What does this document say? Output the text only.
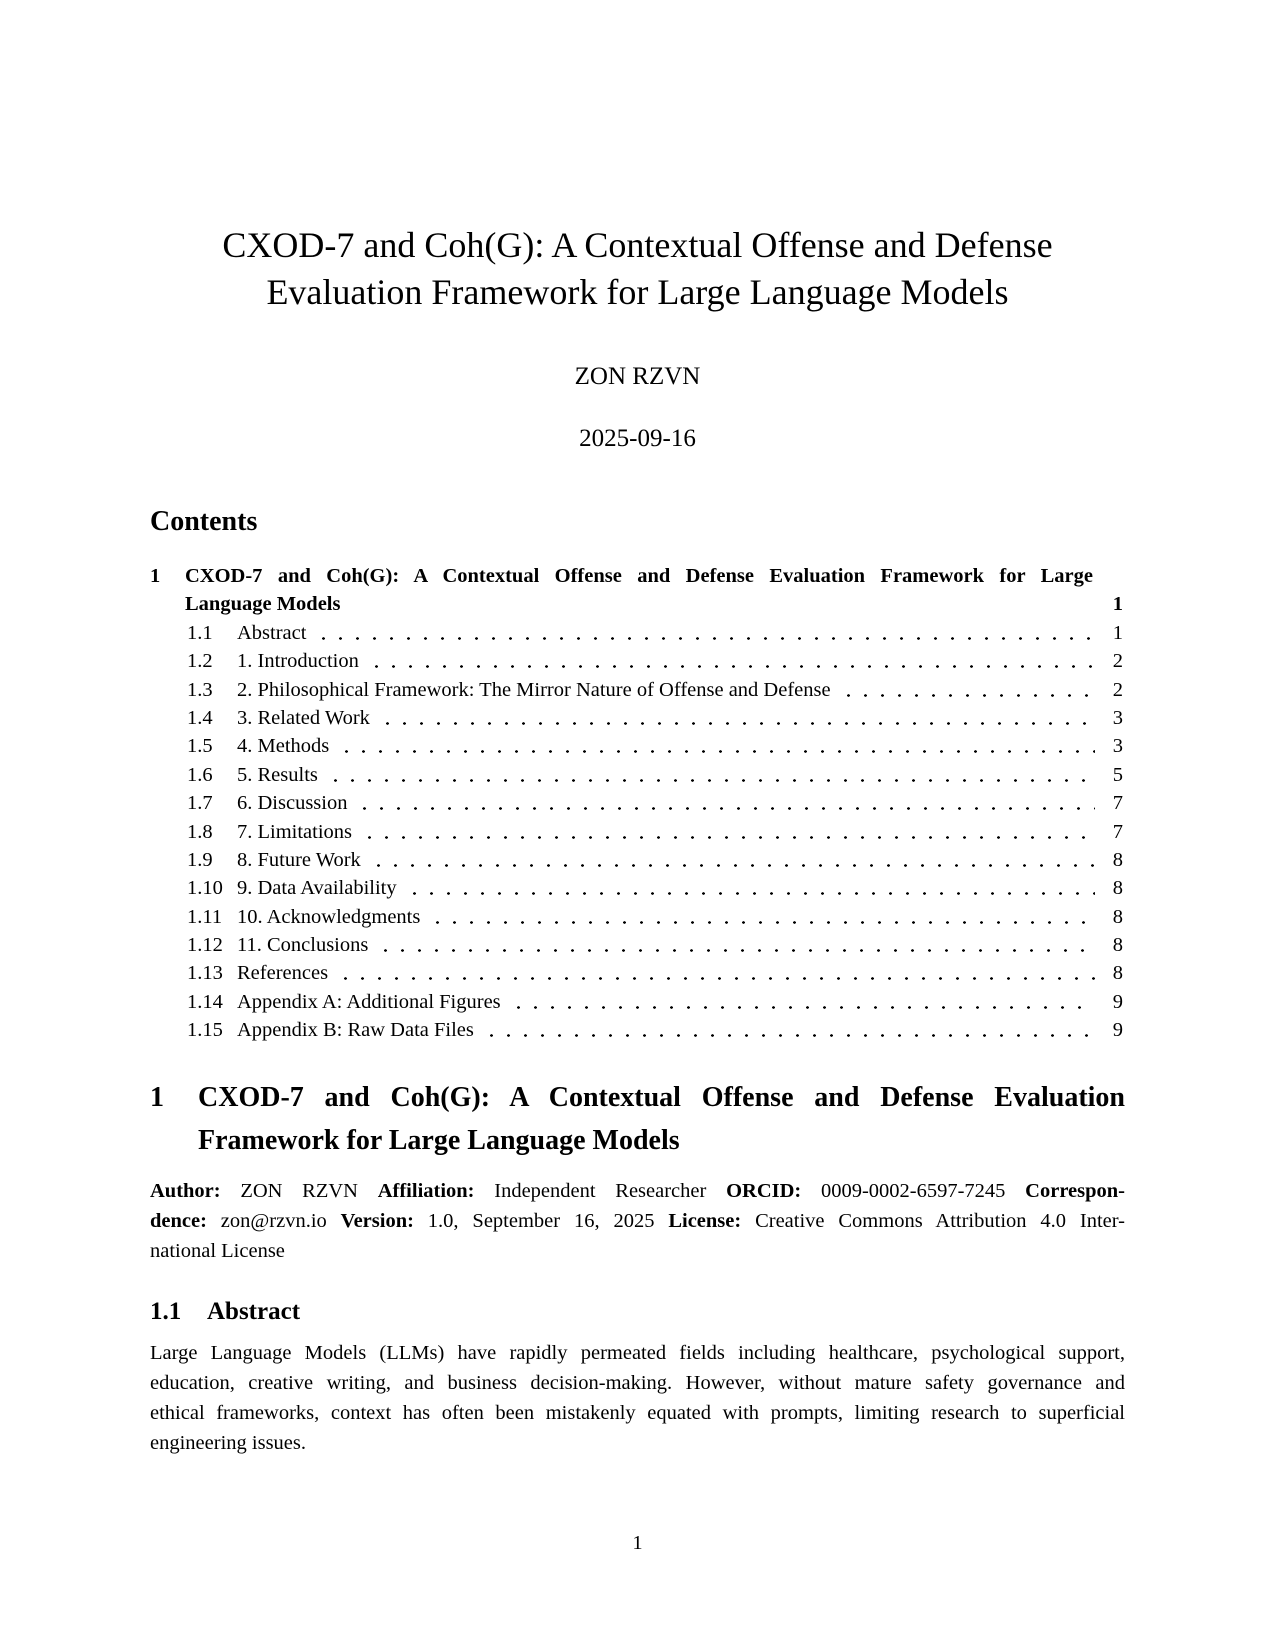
CXOD-7 and Coh(G): A Contextual Offense and Defense
Evaluation Framework for Large Language Models
ZON RZVN
2025-09-16
Contents
1	CXOD-7 and Coh(G): A Contextual Offense and Defense Evaluation Framework for Large
Language Models	1
1.1	Abstract	1
1.2	1. Introduction	2
1.3	2. Philosophical Framework: The Mirror Nature of Offense and Defense	2
1.4	3. Related Work	3
1.5	4. Methods	3
1.6	5. Results	5
1.7	6. Discussion	7
1.8	7. Limitations	7
1.9	8. Future Work	8
1.10 9. Data Availability	8
1.11 10. Acknowledgments	8
1.12 11. Conclusions	8
1.13 References	8
1.14 Appendix A: Additional Figures	9
1.15 Appendix B: Raw Data Files	9
1	CXOD-7 and Coh(G): A Contextual Offense and Defense Evaluation
Framework for Large Language Models
Author: ZON RZVN Affiliation: Independent Researcher ORCID: 0009-0002-6597-7245 Correspon-
dence: zon@rzvn.io Version: 1.0, September 16, 2025 License: Creative Commons Attribution 4.0 Inter-
national License
1.1	Abstract
Large Language Models (LLMs) have rapidly permeated fields including healthcare, psychological support,
education, creative writing, and business decision-making. However, without mature safety governance and
ethical frameworks, context has often been mistakenly equated with prompts, limiting research to superficial
engineering issues.
1
